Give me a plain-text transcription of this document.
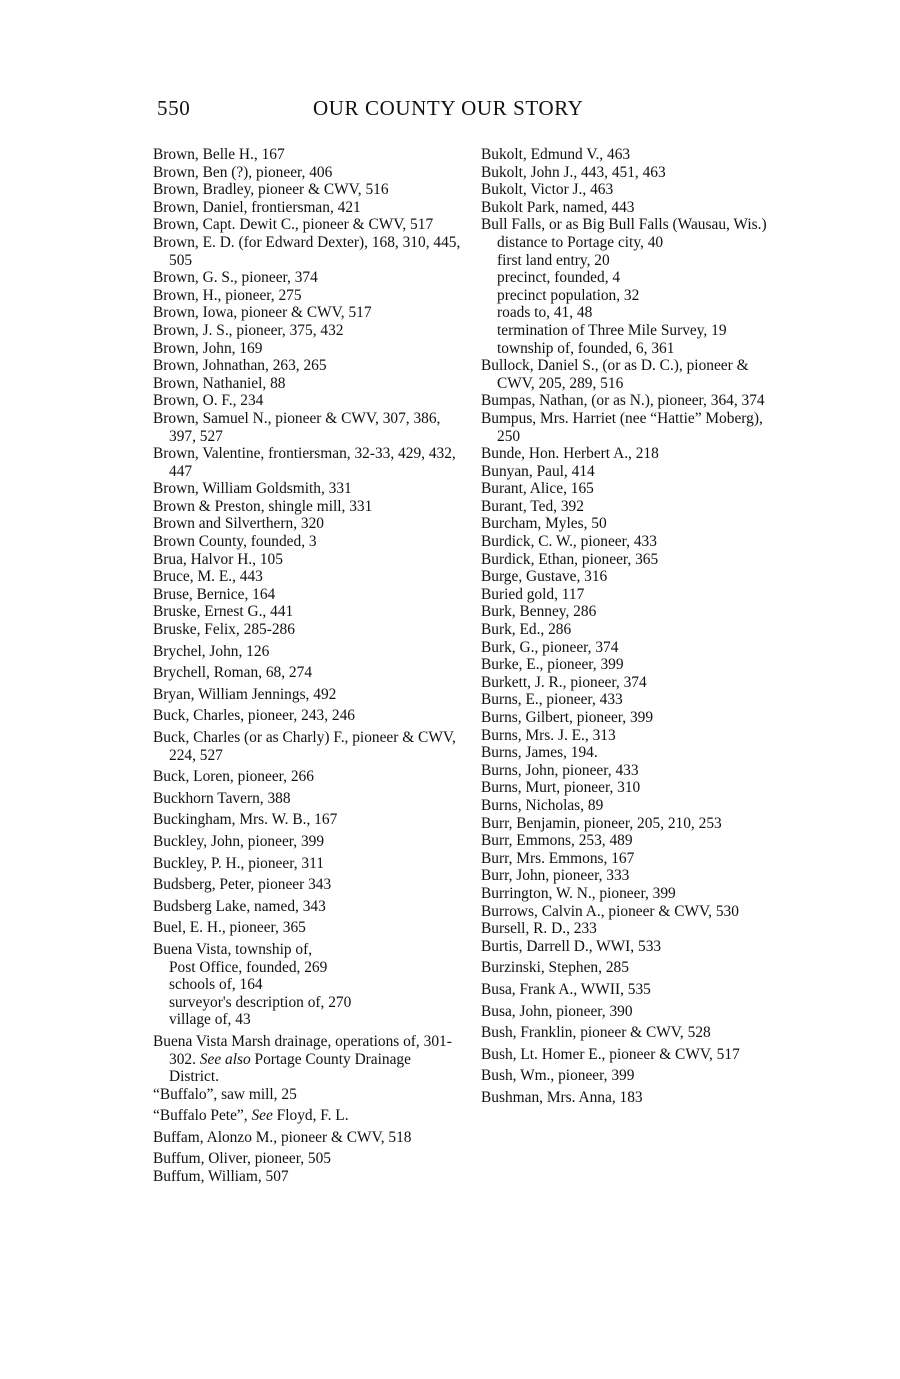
550	OUR COUNTY OUR STORY
Brown, Belle H., 167
Brown, Ben (?), pioneer, 406
Brown, Bradley, pioneer & CWV, 516
Brown, Daniel, frontiersman, 421
Brown, Capt. Dewit C., pioneer & CWV, 517
Brown, E. D. (for Edward Dexter), 168, 310, 445, 505
Brown, G. S., pioneer, 374
Brown, H., pioneer, 275
Brown, Iowa, pioneer & CWV, 517
Brown, J. S., pioneer, 375, 432
Brown, John, 169
Brown, Johnathan, 263, 265
Brown, Nathaniel, 88
Brown, O. F., 234
Brown, Samuel N., pioneer & CWV, 307, 386, 397, 527
Brown, Valentine, frontiersman, 32-33, 429, 432, 447
Brown, William Goldsmith, 331
Brown & Preston, shingle mill, 331
Brown and Silverthern, 320
Brown County, founded, 3
Brua, Halvor H., 105
Bruce, M. E., 443
Bruse, Bernice, 164
Bruske, Ernest G., 441
Bruske, Felix, 285-286
Brychel, John, 126
Brychell, Roman, 68, 274
Bryan, William Jennings, 492
Buck, Charles, pioneer, 243, 246
Buck, Charles (or as Charly) F., pioneer & CWV, 224, 527
Buck, Loren, pioneer, 266
Buckhorn Tavern, 388
Buckingham, Mrs. W. B., 167
Buckley, John, pioneer, 399
Buckley, P. H., pioneer, 311
Budsberg, Peter, pioneer 343
Budsberg Lake, named, 343
Buel, E. H., pioneer, 365
Buena Vista, township of,
Post Office, founded, 269
schools of, 164
surveyor's description of, 270
village of, 43
Buena Vista Marsh drainage, operations of, 301-302. See also Portage County Drainage District.
“Buffalo”, saw mill, 25
“Buffalo Pete”, See Floyd, F. L.
Buffam, Alonzo M., pioneer & CWV, 518
Buffum, Oliver, pioneer, 505
Buffum, William, 507
Bukolt, Edmund V., 463
Bukolt, John J., 443, 451, 463
Bukolt, Victor J., 463
Bukolt Park, named, 443
Bull Falls, or as Big Bull Falls (Wausau, Wis.)
distance to Portage city, 40
first land entry, 20
precinct, founded, 4
precinct population, 32
roads to, 41, 48
termination of Three Mile Survey, 19
township of, founded, 6, 361
Bullock, Daniel S., (or as D. C.), pioneer & CWV, 205, 289, 516
Bumpas, Nathan, (or as N.), pioneer, 364, 374
Bumpus, Mrs. Harriet (nee “Hattie” Moberg), 250
Bunde, Hon. Herbert A., 218
Bunyan, Paul, 414
Burant, Alice, 165
Burant, Ted, 392
Burcham, Myles, 50
Burdick, C. W., pioneer, 433
Burdick, Ethan, pioneer, 365
Burge, Gustave, 316
Buried gold, 117
Burk, Benney, 286
Burk, Ed., 286
Burk, G., pioneer, 374
Burke, E., pioneer, 399
Burkett, J. R., pioneer, 374
Burns, E., pioneer, 433
Burns, Gilbert, pioneer, 399
Burns, Mrs. J. E., 313
Burns, James, 194.
Burns, John, pioneer, 433
Burns, Murt, pioneer, 310
Burns, Nicholas, 89
Burr, Benjamin, pioneer, 205, 210, 253
Burr, Emmons, 253, 489
Burr, Mrs. Emmons, 167
Burr, John, pioneer, 333
Burrington, W. N., pioneer, 399
Burrows, Calvin A., pioneer & CWV, 530
Bursell, R. D., 233
Burtis, Darrell D., WWI, 533
Burzinski, Stephen, 285
Busa, Frank A., WWII, 535
Busa, John, pioneer, 390
Bush, Franklin, pioneer & CWV, 528
Bush, Lt. Homer E., pioneer & CWV, 517
Bush, Wm., pioneer, 399
Bushman, Mrs. Anna, 183
